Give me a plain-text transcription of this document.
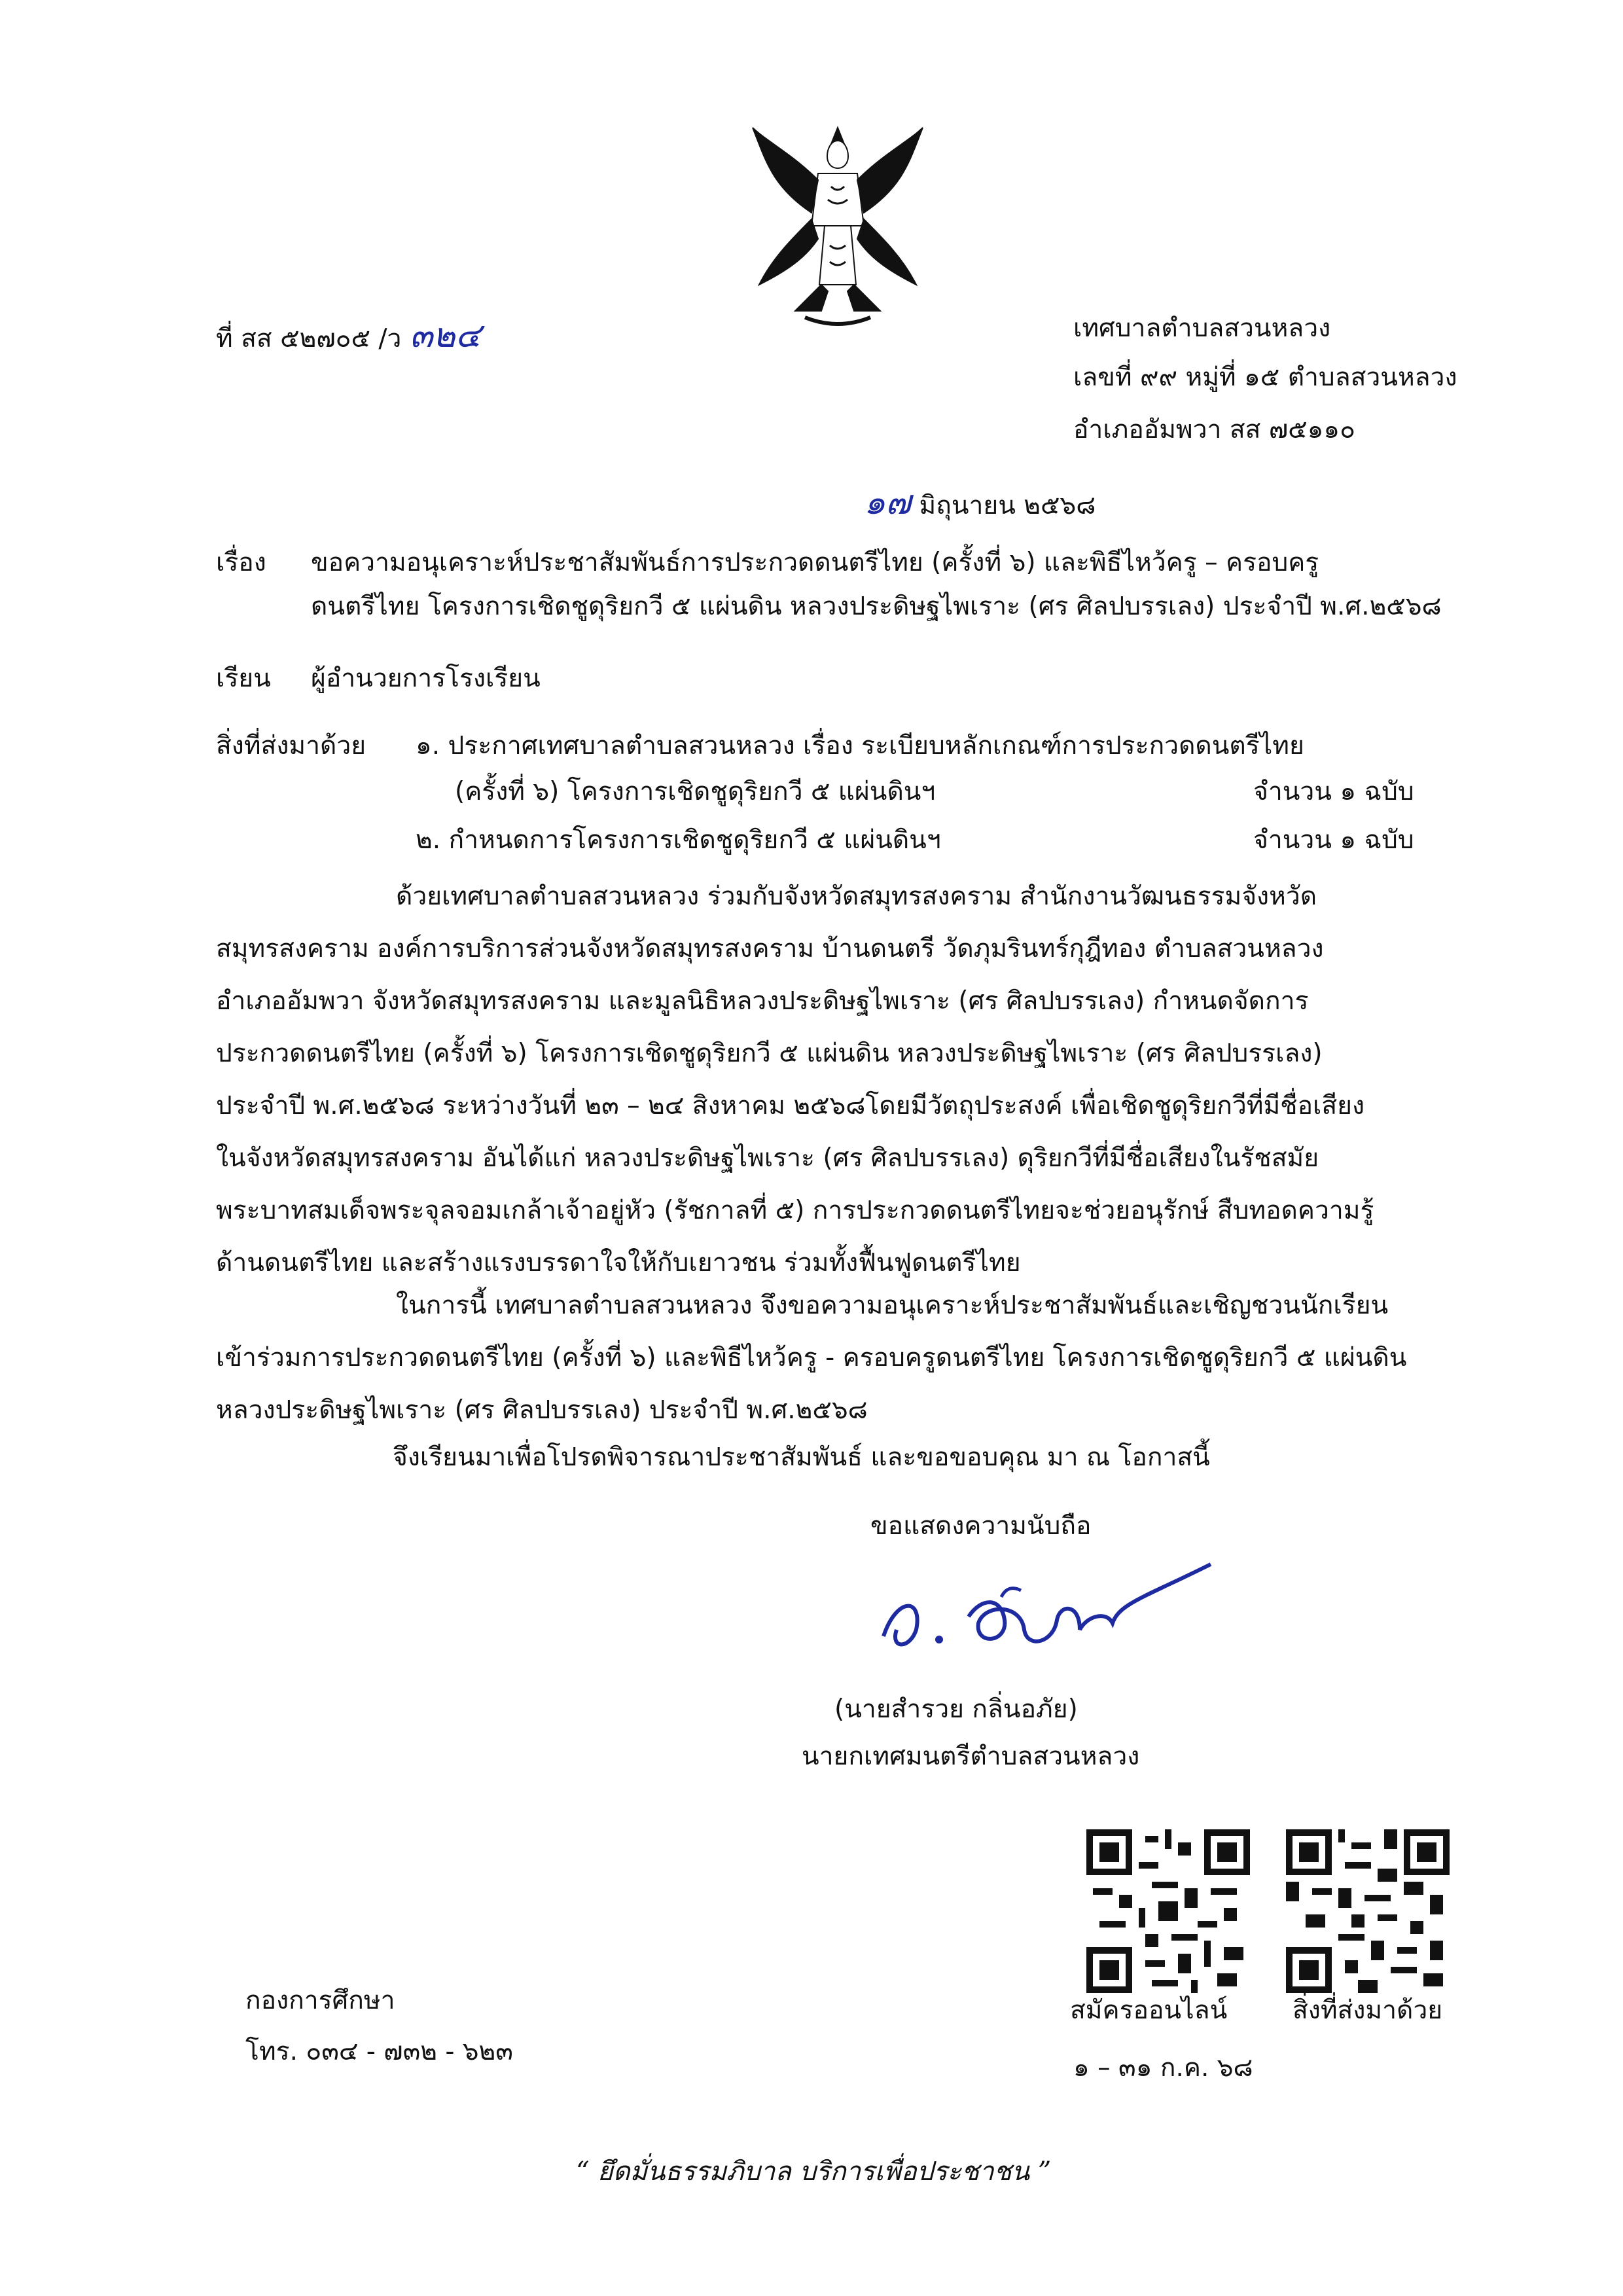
ที่ สส ๕๒๗๐๕ /ว ๓๒๔	เทศบาลตำบลสวนหลวง
เลขที่ ๙๙ หมู่ที่ ๑๕ ตำบลสวนหลวง
อำเภออัมพวา สส ๗๕๑๑๐
๑๗ มิถุนายน ๒๕๖๘
เรื่อง ขอความอนุเคราะห์ประชาสัมพันธ์การประกวดดนตรีไทย (ครั้งที่ ๖) และพิธีไหว้ครู – ครอบครู
ดนตรีไทย โครงการเชิดชูดุริยกวี ๕ แผ่นดิน หลวงประดิษฐไพเราะ (ศร ศิลปบรรเลง) ประจำปี พ.ศ.๒๕๖๘
เรียน ผู้อำนวยการโรงเรียน
สิ่งที่ส่งมาด้วย ๑. ประกาศเทศบาลตำบลสวนหลวง เรื่อง ระเบียบหลักเกณฑ์การประกวดดนตรีไทย
(ครั้งที่ ๖) โครงการเชิดชูดุริยกวี ๕ แผ่นดินฯ	จำนวน ๑ ฉบับ
๒. กำหนดการโครงการเชิดชูดุริยกวี ๕ แผ่นดินฯ	จำนวน ๑ ฉบับ
ด้วยเทศบาลตำบลสวนหลวง ร่วมกับจังหวัดสมุทรสงคราม สำนักงานวัฒนธรรมจังหวัด
สมุทรสงคราม องค์การบริการส่วนจังหวัดสมุทรสงคราม บ้านดนตรี วัดภุมรินทร์กุฎีทอง ตำบลสวนหลวง
อำเภออัมพวา จังหวัดสมุทรสงคราม และมูลนิธิหลวงประดิษฐไพเราะ (ศร ศิลปบรรเลง) กำหนดจัดการ
ประกวดดนตรีไทย (ครั้งที่ ๖) โครงการเชิดชูดุริยกวี ๕ แผ่นดิน หลวงประดิษฐไพเราะ (ศร ศิลปบรรเลง)
ประจำปี พ.ศ.๒๕๖๘ ระหว่างวันที่ ๒๓ – ๒๔ สิงหาคม ๒๕๖๘โดยมีวัตถุประสงค์ เพื่อเชิดชูดุริยกวีที่มีชื่อเสียง
ในจังหวัดสมุทรสงคราม อันได้แก่ หลวงประดิษฐไพเราะ (ศร ศิลปบรรเลง) ดุริยกวีที่มีชื่อเสียงในรัชสมัย
พระบาทสมเด็จพระจุลจอมเกล้าเจ้าอยู่หัว (รัชกาลที่ ๕) การประกวดดนตรีไทยจะช่วยอนุรักษ์ สืบทอดความรู้
ด้านดนตรีไทย และสร้างแรงบรรดาใจให้กับเยาวชน ร่วมทั้งฟื้นฟูดนตรีไทย
ในการนี้ เทศบาลตำบลสวนหลวง จึงขอความอนุเคราะห์ประชาสัมพันธ์และเชิญชวนนักเรียน
เข้าร่วมการประกวดดนตรีไทย (ครั้งที่ ๖) และพิธีไหว้ครู - ครอบครูดนตรีไทย โครงการเชิดชูดุริยกวี ๕ แผ่นดิน
หลวงประดิษฐไพเราะ (ศร ศิลปบรรเลง) ประจำปี พ.ศ.๒๕๖๘
จึงเรียนมาเพื่อโปรดพิจารณาประชาสัมพันธ์ และขอขอบคุณ มา ณ โอกาสนี้
ขอแสดงความนับถือ
(นายสำรวย กลิ่นอภัย)
นายกเทศมนตรีตำบลสวนหลวง
สมัครออนไลน์	สิ่งที่ส่งมาด้วย
๑ – ๓๑ ก.ค. ๖๘
กองการศึกษา
โทร. ๐๓๔ - ๗๓๒ - ๖๒๓
“ ยึดมั่นธรรมภิบาล บริการเพื่อประชาชน ”
